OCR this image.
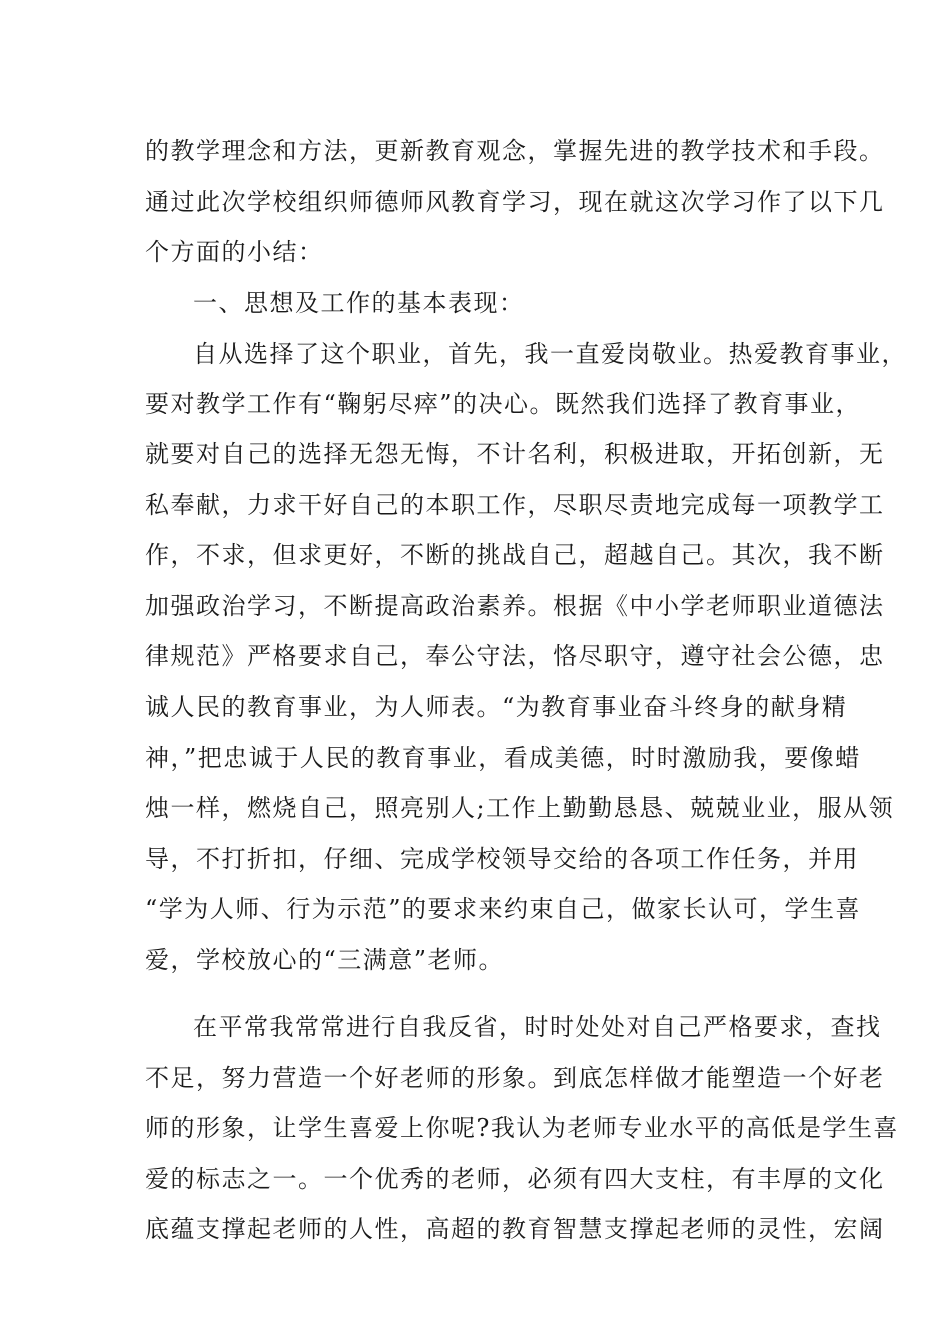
的教学理念和方法，更新教育观念，掌握先进的教学技术和手段。
通过此次学校组织师德师风教育学习，现在就这次学习作了以下几
个方面的小结：
一、思想及工作的基本表现：
自从选择了这个职业，首先，我一直爱岗敬业。热爱教育事业，
要对教学工作有“鞠躬尽瘁”的决心。既然我们选择了教育事业，
就要对自己的选择无怨无悔，不计名利，积极进取，开拓创新，无
私奉献，力求干好自己的本职工作，尽职尽责地完成每一项教学工
作，不求，但求更好，不断的挑战自己，超越自己。其次，我不断
加强政治学习，不断提高政治素养。根据《中小学老师职业道德法
律规范》严格要求自己，奉公守法，恪尽职守，遵守社会公德，忠
诚人民的教育事业，为人师表。“为教育事业奋斗终身的献身精
神，”把忠诚于人民的教育事业，看成美德，时时激励我，要像蜡
烛一样，燃烧自己，照亮别人;工作上勤勤恳恳、兢兢业业，服从领
导，不打折扣，仔细、完成学校领导交给的各项工作任务，并用
“学为人师、行为示范”的要求来约束自己，做家长认可，学生喜
爱，学校放心的“三满意”老师。
在平常我常常进行自我反省，时时处处对自己严格要求，查找
不足，努力营造一个好老师的形象。到底怎样做才能塑造一个好老
师的形象，让学生喜爱上你呢?我认为老师专业水平的高低是学生喜
爱的标志之一。一个优秀的老师，必须有四大支柱，有丰厚的文化
底蕴支撑起老师的人性，高超的教育智慧支撑起老师的灵性，宏阔
